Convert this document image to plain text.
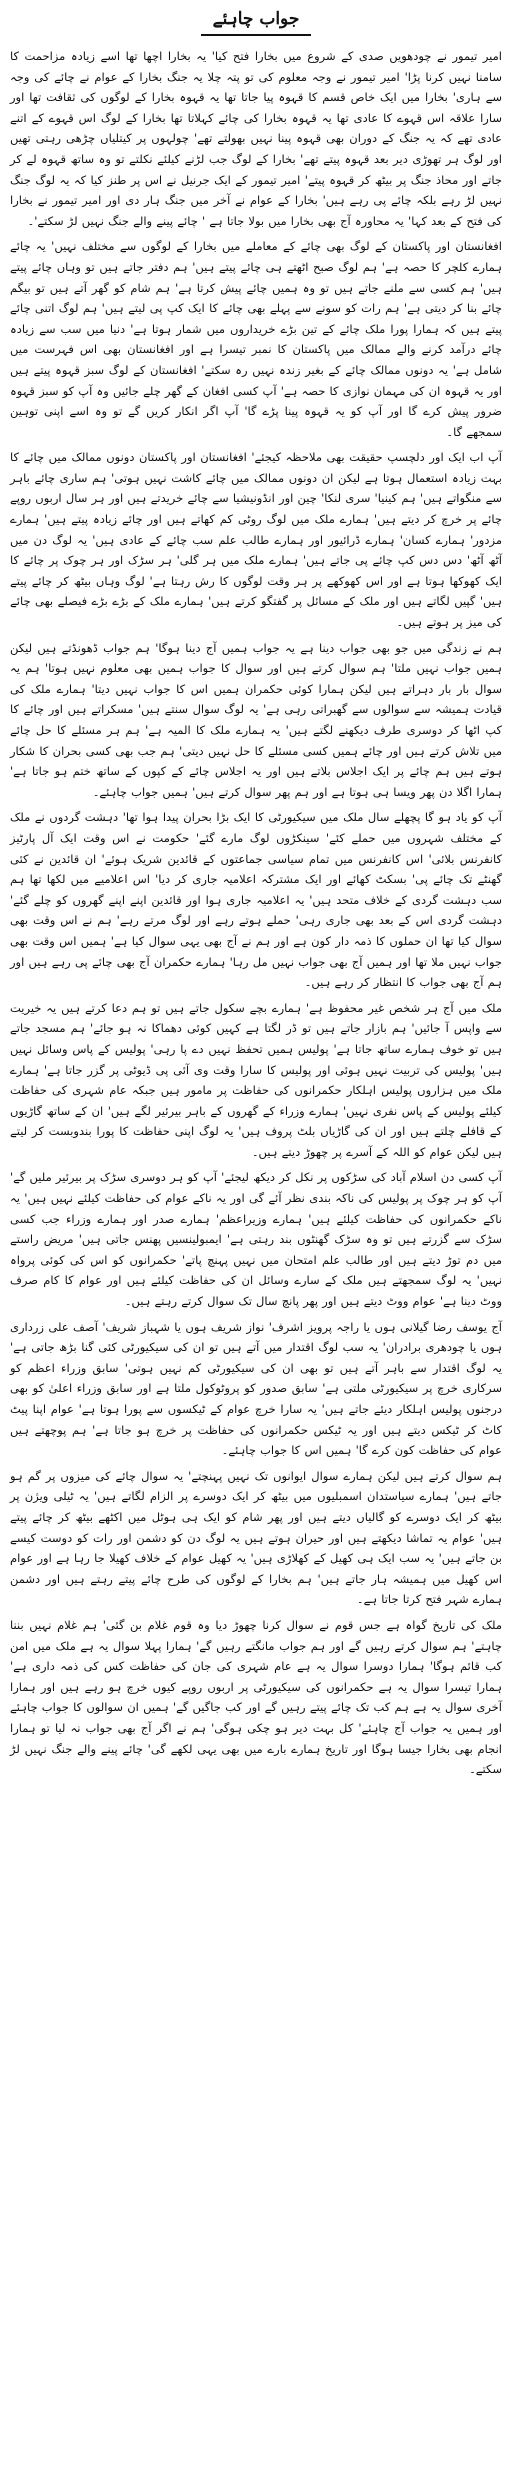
جواب چاہئے

امیر تیمور نے چودھویں صدی کے شروع میں بخارا فتح کیا' یہ بخارا اچھا تھا اسے زیادہ مزاحمت کا سامنا نہیں کرنا پڑا' امیر تیمور نے وجہ معلوم کی تو پتہ چلا یہ جنگ بخارا کے عوام نے چائے کی وجہ سے ہاری' بخارا میں ایک خاص قسم کا قہوہ پیا جاتا تھا یہ قہوہ بخارا کے لوگوں کی ثقافت تھا اور سارا علاقہ اس قہوے کا عادی تھا یہ قہوہ بخارا کی چائے کہلاتا تھا بخارا کے لوگ اس قہوے کے اتنے عادی تھے کہ یہ جنگ کے دوران بھی قہوہ پینا نہیں بھولتے تھے' چولہوں پر کیتلیاں چڑھی رہتی تھیں اور لوگ ہر تھوڑی دیر بعد قہوہ پیتے تھے' بخارا کے لوگ جب لڑنے کیلئے نکلتے تو وہ ساتھ قہوہ لے کر جاتے اور محاذ جنگ پر بیٹھ کر قہوہ پیتے' امیر تیمور کے ایک جرنیل نے اس پر طنز کیا کہ یہ لوگ جنگ نہیں لڑ رہے بلکہ چائے پی رہے ہیں' بخارا کے عوام نے آخر میں جنگ ہار دی اور امیر تیمور نے بخارا کی فتح کے بعد کہا' یہ محاورہ آج بھی بخارا میں بولا جاتا ہے ' چائے پینے والے جنگ نہیں لڑ سکتے'۔

افغانستان اور پاکستان کے لوگ بھی چائے کے معاملے میں بخارا کے لوگوں سے مختلف نہیں' یہ چائے ہمارے کلچر کا حصہ ہے' ہم لوگ صبح اٹھتے ہی چائے پیتے ہیں' ہم دفتر جاتے ہیں تو وہاں چائے پیتے ہیں' ہم کسی سے ملنے جاتے ہیں تو وہ ہمیں چائے پیش کرتا ہے' ہم شام کو گھر آتے ہیں تو بیگم چائے بنا کر دیتی ہے' ہم رات کو سونے سے پہلے بھی چائے کا ایک کپ پی لیتے ہیں' ہم لوگ اتنی چائے پیتے ہیں کہ ہمارا پورا ملک چائے کے تین بڑے خریداروں میں شمار ہوتا ہے' دنیا میں سب سے زیادہ چائے درآمد کرنے والے ممالک میں پاکستان کا نمبر تیسرا ہے اور افغانستان بھی اس فہرست میں شامل ہے' یہ دونوں ممالک چائے کے بغیر زندہ نہیں رہ سکتے' افغانستان کے لوگ سبز قہوہ پیتے ہیں اور یہ قہوہ ان کی مہمان نوازی کا حصہ ہے' آپ کسی افغان کے گھر چلے جائیں وہ آپ کو سبز قہوہ ضرور پیش کرے گا اور آپ کو یہ قہوہ پینا پڑے گا' آپ اگر انکار کریں گے تو وہ اسے اپنی توہین سمجھے گا۔

آپ اب ایک اور دلچسپ حقیقت بھی ملاحظہ کیجئے' افغانستان اور پاکستان دونوں ممالک میں چائے کا بہت زیادہ استعمال ہوتا ہے لیکن ان دونوں ممالک میں چائے کاشت نہیں ہوتی' ہم ساری چائے باہر سے منگواتے ہیں' ہم کینیا' سری لنکا' چین اور انڈونیشیا سے چائے خریدتے ہیں اور ہر سال اربوں روپے چائے پر خرچ کر دیتے ہیں' ہمارے ملک میں لوگ روٹی کم کھاتے ہیں اور چائے زیادہ پیتے ہیں' ہمارے مزدور' ہمارے کسان' ہمارے ڈرائیور اور ہمارے طالب علم سب چائے کے عادی ہیں' یہ لوگ دن میں آٹھ آٹھ' دس دس کپ چائے پی جاتے ہیں' ہمارے ملک میں ہر گلی' ہر سڑک اور ہر چوک پر چائے کا ایک کھوکھا ہوتا ہے اور اس کھوکھے پر ہر وقت لوگوں کا رش رہتا ہے' لوگ وہاں بیٹھ کر چائے پیتے ہیں' گپیں لگاتے ہیں اور ملک کے مسائل پر گفتگو کرتے ہیں' ہمارے ملک کے بڑے بڑے فیصلے بھی چائے کی میز پر ہوتے ہیں۔

ہم نے زندگی میں جو بھی جواب دینا ہے یہ جواب ہمیں آج دینا ہوگا' ہم جواب ڈھونڈتے ہیں لیکن ہمیں جواب نہیں ملتا' ہم سوال کرتے ہیں اور سوال کا جواب ہمیں بھی معلوم نہیں ہوتا' ہم یہ سوال بار بار دہراتے ہیں لیکن ہمارا کوئی حکمران ہمیں اس کا جواب نہیں دیتا' ہمارے ملک کی قیادت ہمیشہ سے سوالوں سے گھبراتی رہی ہے' یہ لوگ سوال سنتے ہیں' مسکراتے ہیں اور چائے کا کپ اٹھا کر دوسری طرف دیکھنے لگتے ہیں' یہ ہمارے ملک کا المیہ ہے' ہم ہر مسئلے کا حل چائے میں تلاش کرتے ہیں اور چائے ہمیں کسی مسئلے کا حل نہیں دیتی' ہم جب بھی کسی بحران کا شکار ہوتے ہیں ہم چائے پر ایک اجلاس بلاتے ہیں اور یہ اجلاس چائے کے کپوں کے ساتھ ختم ہو جاتا ہے' ہمارا اگلا دن پھر ویسا ہی ہوتا ہے اور ہم پھر سوال کرتے ہیں' ہمیں جواب چاہئے۔

آپ کو یاد ہو گا پچھلے سال ملک میں سیکیورٹی کا ایک بڑا بحران پیدا ہوا تھا' دہشت گردوں نے ملک کے مختلف شہروں میں حملے کئے' سینکڑوں لوگ مارے گئے' حکومت نے اس وقت ایک آل پارٹیز کانفرنس بلائی' اس کانفرنس میں تمام سیاسی جماعتوں کے قائدین شریک ہوئے' ان قائدین نے کئی گھنٹے تک چائے پی' بسکٹ کھائے اور ایک مشترکہ اعلامیہ جاری کر دیا' اس اعلامیے میں لکھا تھا ہم سب دہشت گردی کے خلاف متحد ہیں' یہ اعلامیہ جاری ہوا اور قائدین اپنے اپنے گھروں کو چلے گئے' دہشت گردی اس کے بعد بھی جاری رہی' حملے ہوتے رہے اور لوگ مرتے رہے' ہم نے اس وقت بھی سوال کیا تھا ان حملوں کا ذمہ دار کون ہے اور ہم نے آج بھی یہی سوال کیا ہے' ہمیں اس وقت بھی جواب نہیں ملا تھا اور ہمیں آج بھی جواب نہیں مل رہا' ہمارے حکمران آج بھی چائے پی رہے ہیں اور ہم آج بھی جواب کا انتظار کر رہے ہیں۔

ملک میں آج ہر شخص غیر محفوظ ہے' ہمارے بچے سکول جاتے ہیں تو ہم دعا کرتے ہیں یہ خیریت سے واپس آ جائیں' ہم بازار جاتے ہیں تو ڈر لگتا ہے کہیں کوئی دھماکا نہ ہو جائے' ہم مسجد جاتے ہیں تو خوف ہمارے ساتھ جاتا ہے' پولیس ہمیں تحفظ نہیں دے پا رہی' پولیس کے پاس وسائل نہیں ہیں' پولیس کی تربیت نہیں ہوئی اور پولیس کا سارا وقت وی آئی پی ڈیوٹی پر گزر جاتا ہے' ہمارے ملک میں ہزاروں پولیس اہلکار حکمرانوں کی حفاظت پر مامور ہیں جبکہ عام شہری کی حفاظت کیلئے پولیس کے پاس نفری نہیں' ہمارے وزراء کے گھروں کے باہر بیرئیر لگے ہیں' ان کے ساتھ گاڑیوں کے قافلے چلتے ہیں اور ان کی گاڑیاں بلٹ پروف ہیں' یہ لوگ اپنی حفاظت کا پورا بندوبست کر لیتے ہیں لیکن عوام کو اللہ کے آسرے پر چھوڑ دیتے ہیں۔

آپ کسی دن اسلام آباد کی سڑکوں پر نکل کر دیکھ لیجئے' آپ کو ہر دوسری سڑک پر بیرئیر ملیں گے' آپ کو ہر چوک پر پولیس کی ناکہ بندی نظر آئے گی اور یہ ناکے عوام کی حفاظت کیلئے نہیں ہیں' یہ ناکے حکمرانوں کی حفاظت کیلئے ہیں' ہمارے وزیراعظم' ہمارے صدر اور ہمارے وزراء جب کسی سڑک سے گزرتے ہیں تو وہ سڑک گھنٹوں بند رہتی ہے' ایمبولینسیں پھنس جاتی ہیں' مریض راستے میں دم توڑ دیتے ہیں اور طالب علم امتحان میں نہیں پہنچ پاتے' حکمرانوں کو اس کی کوئی پرواہ نہیں' یہ لوگ سمجھتے ہیں ملک کے سارے وسائل ان کی حفاظت کیلئے ہیں اور عوام کا کام صرف ووٹ دینا ہے' عوام ووٹ دیتے ہیں اور پھر پانچ سال تک سوال کرتے رہتے ہیں۔

آج یوسف رضا گیلانی ہوں یا راجہ پرویز اشرف' نواز شریف ہوں یا شہباز شریف' آصف علی زرداری ہوں یا چودھری برادران' یہ سب لوگ اقتدار میں آتے ہیں تو ان کی سیکیورٹی کئی گنا بڑھ جاتی ہے' یہ لوگ اقتدار سے باہر آتے ہیں تو بھی ان کی سیکیورٹی کم نہیں ہوتی' سابق وزراء اعظم کو سرکاری خرچ پر سیکیورٹی ملتی ہے' سابق صدور کو پروٹوکول ملتا ہے اور سابق وزراء اعلیٰ کو بھی درجنوں پولیس اہلکار دیئے جاتے ہیں' یہ سارا خرچ عوام کے ٹیکسوں سے پورا ہوتا ہے' عوام اپنا پیٹ کاٹ کر ٹیکس دیتے ہیں اور یہ ٹیکس حکمرانوں کی حفاظت پر خرچ ہو جاتا ہے' ہم پوچھتے ہیں عوام کی حفاظت کون کرے گا' ہمیں اس کا جواب چاہئے۔

ہم سوال کرتے ہیں لیکن ہمارے سوال ایوانوں تک نہیں پہنچتے' یہ سوال چائے کی میزوں پر گم ہو جاتے ہیں' ہمارے سیاستدان اسمبلیوں میں بیٹھ کر ایک دوسرے پر الزام لگاتے ہیں' یہ ٹیلی ویژن پر بیٹھ کر ایک دوسرے کو گالیاں دیتے ہیں اور پھر شام کو ایک ہی ہوٹل میں اکٹھے بیٹھ کر چائے پیتے ہیں' عوام یہ تماشا دیکھتے ہیں اور حیران ہوتے ہیں یہ لوگ دن کو دشمن اور رات کو دوست کیسے بن جاتے ہیں' یہ سب ایک ہی کھیل کے کھلاڑی ہیں' یہ کھیل عوام کے خلاف کھیلا جا رہا ہے اور عوام اس کھیل میں ہمیشہ ہار جاتے ہیں' ہم بخارا کے لوگوں کی طرح چائے پیتے رہتے ہیں اور دشمن ہمارے شہر فتح کرتا جاتا ہے۔

ملک کی تاریخ گواہ ہے جس قوم نے سوال کرنا چھوڑ دیا وہ قوم غلام بن گئی' ہم غلام نہیں بننا چاہتے' ہم سوال کرتے رہیں گے اور ہم جواب مانگتے رہیں گے' ہمارا پہلا سوال یہ ہے ملک میں امن کب قائم ہوگا' ہمارا دوسرا سوال یہ ہے عام شہری کی جان کی حفاظت کس کی ذمہ داری ہے' ہمارا تیسرا سوال یہ ہے حکمرانوں کی سیکیورٹی پر اربوں روپے کیوں خرچ ہو رہے ہیں اور ہمارا آخری سوال یہ ہے ہم کب تک چائے پیتے رہیں گے اور کب جاگیں گے' ہمیں ان سوالوں کا جواب چاہئے اور ہمیں یہ جواب آج چاہئے' کل بہت دیر ہو چکی ہوگی' ہم نے اگر آج بھی جواب نہ لیا تو ہمارا انجام بھی بخارا جیسا ہوگا اور تاریخ ہمارے بارے میں بھی یہی لکھے گی' چائے پینے والے جنگ نہیں لڑ سکتے۔
